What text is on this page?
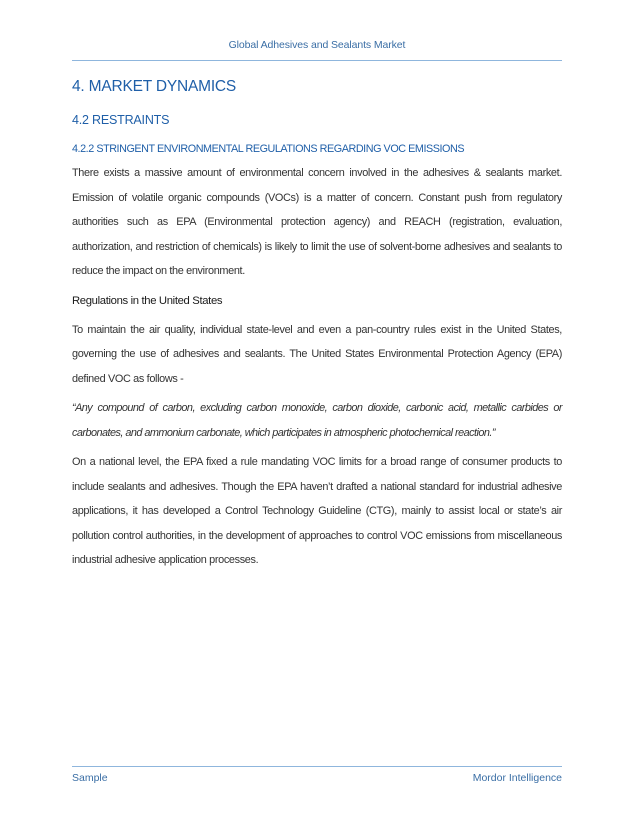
Global Adhesives and Sealants Market
4. MARKET DYNAMICS
4.2 RESTRAINTS
4.2.2 STRINGENT ENVIRONMENTAL REGULATIONS REGARDING VOC EMISSIONS

There exists a massive amount of environmental concern involved in the adhesives & sealants market. Emission of volatile organic compounds (VOCs) is a matter of concern. Constant push from regulatory authorities such as EPA (Environmental protection agency) and REACH (registration, evaluation, authorization, and restriction of chemicals) is likely to limit the use of solvent-borne adhesives and sealants to reduce the impact on the environment.

Regulations in the United States

To maintain the air quality, individual state-level and even a pan-country rules exist in the United States, governing the use of adhesives and sealants. The United States Environmental Protection Agency (EPA) defined VOC as follows -

“Any compound of carbon, excluding carbon monoxide, carbon dioxide, carbonic acid, metallic carbides or carbonates, and ammonium carbonate, which participates in atmospheric photochemical reaction.”

On a national level, the EPA fixed a rule mandating VOC limits for a broad range of consumer products to include sealants and adhesives. Though the EPA haven’t drafted a national standard for industrial adhesive applications, it has developed a Control Technology Guideline (CTG), mainly to assist local or state’s air pollution control authorities, in the development of approaches to control VOC emissions from miscellaneous industrial adhesive application processes.

Sample	Mordor Intelligence
